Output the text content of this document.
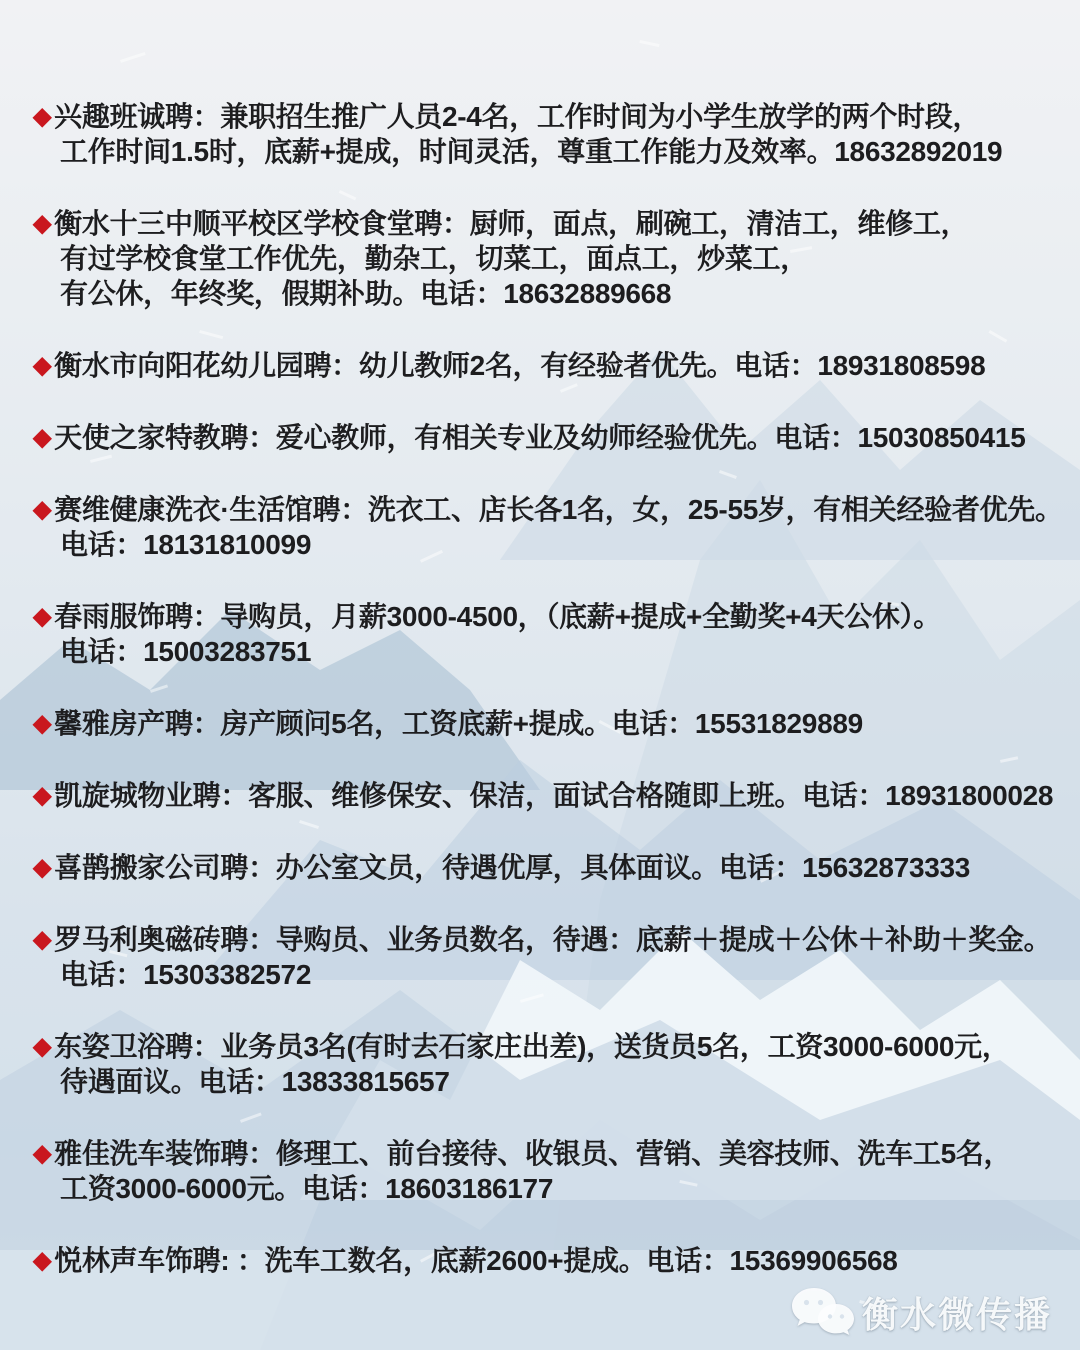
◆ 兴趣班诚聘：兼职招生推广人员2-4名，工作时间为小学生放学的两个时段，
工作时间1.5时，底薪+提成，时间灵活，尊重工作能力及效率。18632892019
◆ 衡水十三中顺平校区学校食堂聘：厨师，面点，刷碗工，清洁工，维修工，
有过学校食堂工作优先，勤杂工，切菜工，面点工，炒菜工，
有公休，年终奖，假期补助。电话：18632889668
◆ 衡水市向阳花幼儿园聘：幼儿教师2名，有经验者优先。电话：18931808598
◆ 天使之家特教聘：爱心教师，有相关专业及幼师经验优先。电话：15030850415
◆ 赛维健康洗衣·生活馆聘：洗衣工、店长各1名，女，25-55岁，有相关经验者优先。
电话：18131810099
◆ 春雨服饰聘：导购员，月薪3000-4500，（底薪+提成+全勤奖+4天公休）。
电话：15003283751
◆ 馨雅房产聘：房产顾问5名，工资底薪+提成。电话：15531829889
◆ 凯旋城物业聘：客服、维修保安、保洁，面试合格随即上班。电话：18931800028
◆ 喜鹊搬家公司聘：办公室文员，待遇优厚，具体面议。电话：15632873333
◆ 罗马利奥磁砖聘：导购员、业务员数名，待遇：底薪＋提成＋公休＋补助＋奖金。
电话：15303382572
◆ 东姿卫浴聘：业务员3名(有时去石家庄出差)，送货员5名，工资3000-6000元，
待遇面议。电话：13833815657
◆ 雅佳洗车装饰聘：修理工、前台接待、收银员、营销、美容技师、洗车工5名，
工资3000-6000元。电话：18603186177
◆ 悦林声车饰聘: ：洗车工数名，底薪2600+提成。电话：15369906568
衡水微传播
